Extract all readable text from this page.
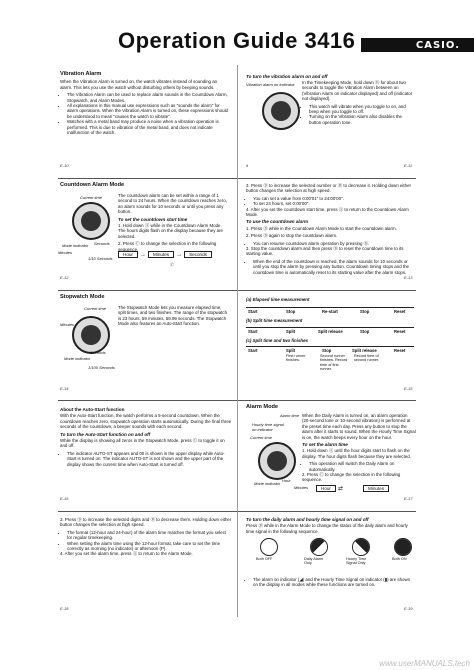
Operation Guide 3416	CASIO.
Vibration Alarm

When the Vibration Alarm is turned on, the watch vibrates instead of sounding an alarm. This lets you use the watch without disturbing others by beeping sounds.

• The Vibration Alarm can be used to replace alarm sounds in the Countdown Alarm, Stopwatch, and Alarm Modes.
• All explanations in this manual use expressions such as "sounds the alarm" for alarm operations. When the Vibration Alarm is turned on, these expressions should be understood to mean "causes the watch to vibrate".
• Watches with a metal band may produce a noise when a vibration operation is performed. This is due to vibration of the metal band, and does not indicate malfunction of the watch.
To turn the vibration alarm on and off
Vibration alarm on indicator In the Timekeeping Mode, hold down Ⓑ for about two seconds to toggle the Vibration Alarm between on (Vibration Alarm on indicator displayed) and off (indicator not displayed).

• This watch will vibrate when you toggle to on, and beep when you toggle to off.
• Turning on the Vibration Alarm also disables the button operation tone.
E-10	6	E-11
Countdown Alarm Mode
Current time
Mode indicator
Minutes
Seconds
1/10 Seconds

The countdown alarm can be set within a range of 1 second to 24 hours. When the countdown reaches zero, an alarm sounds for 10 seconds or until you press any button.

To set the countdown start time

1. Hold down Ⓐ while in the Countdown Alarm Mode. The hours digits flash on the display because they are selected.

2. Press Ⓒ to change the selection in the following sequence.

Hour → Minutes → Seconds
Ⓒ

3. Press Ⓓ to increase the selected number or Ⓑ to decrease it. Holding down either button changes the selection at high speed.

• You can set a value from 0:00'01" to 24:00'00".
• To set 24 hours, set 0:00'00".

4. After you set the countdown start time, press Ⓐ to return to the Countdown Alarm Mode.

To use the countdown alarm

1. Press Ⓓ while in the Countdown Alarm Mode to start the countdown alarm.

2. Press Ⓓ again to stop the countdown alarm.

• You can resume countdown alarm operation by pressing Ⓓ.

3. Stop the countdown alarm and then press Ⓑ to reset the countdown time to its starting value.

• When the end of the countdown is reached, the alarm sounds for 10 seconds or until you stop the alarm by pressing any button. Countdown timing stops and the countdown time is automatically reset to its starting value after the alarm stops.
E-12	E-13
Stopwatch Mode
Current time
Minutes
Mode indicator
Seconds
1/100 Seconds

The Stopwatch Mode lets you measure elapsed time, split times, and two finishes. The range of the stopwatch is 23 hours, 59 minutes, 59.99 seconds. The Stopwatch Mode also features an Auto-Start function.

(a) Elapsed time measurement
Start	Stop	Re-start	Stop	Reset
(b) Split time measurement
Start	Split	Split release	Stop	Reset
(c) Split time and two finishes
Start	Split	Stop	Split release	Reset
First runner finishes.
Second runner finishes. Record time of first runner.
Record time of second runner.
E-14	E-15
About the Auto-Start function

With the Auto-Start function, the watch performs a 5-second countdown. When the countdown reaches zero, stopwatch operation starts automatically. During the final three seconds of the countdown, a beeper sounds with each second.

To turn the Auto-Start function on and off

While the display is showing all zeros in the Stopwatch Mode, press Ⓒ to toggle it on and off.

• The indicator AUTO-ST appears and 00 is shown in the upper display while Auto-Start is turned on. The indicator AUTO-ST is not shown and the upper part of the display shows the current time when Auto-Start is turned off.
E-16
Alarm Mode
Alarm time
Hourly time signal on indicator
Current time
Mode indicator
Hour
Minutes

When the Daily Alarm is turned on, an alarm operation (20-second tone or 10-second vibration) is performed at the preset time each day. Press any button to stop the alarm after it starts to sound. When the Hourly Time Signal is on, the watch beeps every hour on the hour.

To set the alarm time

1. Hold down Ⓐ until the hour digits start to flash on the display. The hour digits flash because they are selected.

• This operation will switch the Daily Alarm on automatically.

2. Press Ⓒ to change the selection in the following sequence.

Hour ⇄	Minutes
E-17

3. Press Ⓓ to increase the selected digits and Ⓑ to decrease them. Holding down either button changes the selection at high speed.

• The format (12-hour and 24-hour) of the alarm time matches the format you select for regular timekeeping.
• When setting the alarm time using the 12-hour format, take care to set the time correctly as morning (no indicator) or afternoon (P).

4. After you set the alarm time, press Ⓐ to return to the Alarm Mode.

To turn the daily alarm and hourly time signal on and off

Press Ⓓ while in the Alarm Mode to change the status of the daily alarm and hourly time signal in the following sequence.

Both OFF	Daily Alarm Only
Hourly Time Signal Only
Both ON
• The alarm on indicator (◢) and the Hourly Time Signal on indicator (▮) are shown on the display in all modes while these functions are turned on.
E-18	E-19
www.userMANUALS.tech
